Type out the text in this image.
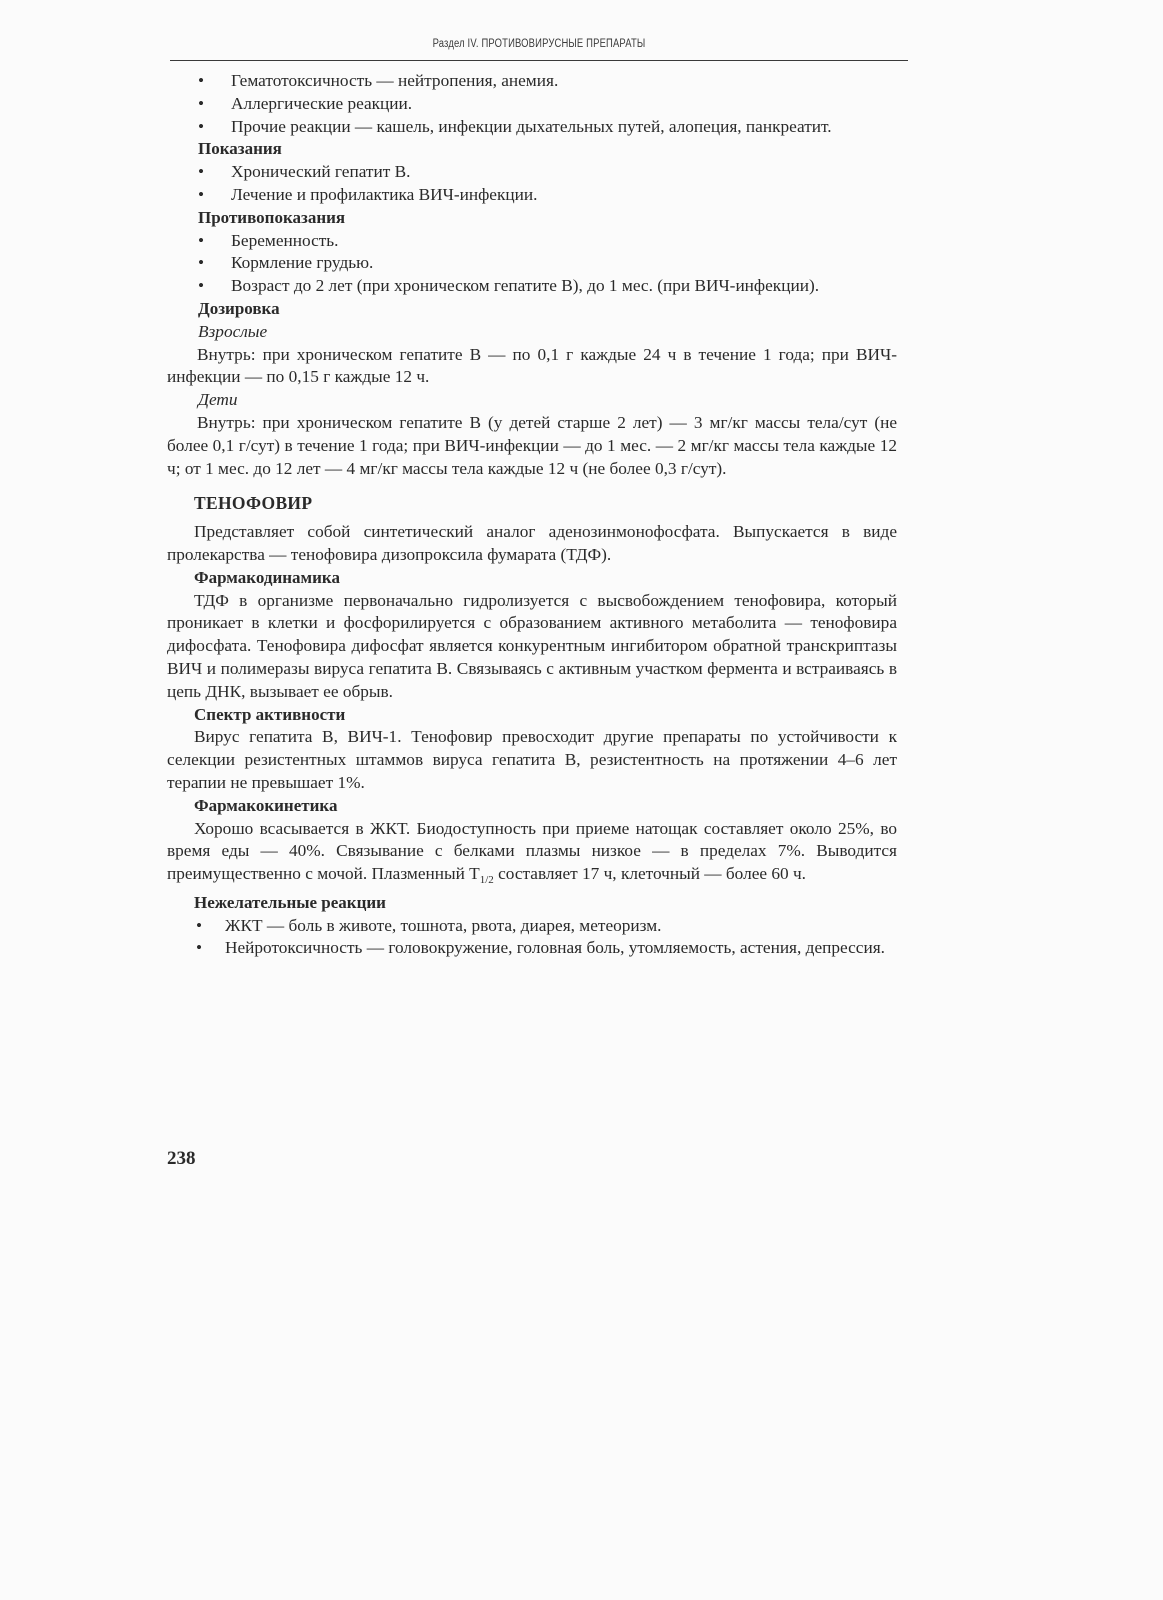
Раздел IV. ПРОТИВОВИРУСНЫЕ ПРЕПАРАТЫ
• Гематотоксичность — нейтропения, анемия.
• Аллергические реакции.
• Прочие реакции — кашель, инфекции дыхательных путей, алопеция, панкреатит.
Показания
• Хронический гепатит В.
• Лечение и профилактика ВИЧ-инфекции.
Противопоказания
• Беременность.
• Кормление грудью.
• Возраст до 2 лет (при хроническом гепатите В), до 1 мес. (при ВИЧ-инфекции).
Дозировка
Взрослые
Внутрь: при хроническом гепатите В — по 0,1 г каждые 24 ч в течение 1 года; при ВИЧ-инфекции — по 0,15 г каждые 12 ч.
Дети
Внутрь: при хроническом гепатите В (у детей старше 2 лет) — 3 мг/кг массы тела/сут (не более 0,1 г/сут) в течение 1 года; при ВИЧ-инфекции — до 1 мес. — 2 мг/кг массы тела каждые 12 ч; от 1 мес. до 12 лет — 4 мг/кг массы тела каждые 12 ч (не более 0,3 г/сут).
ТЕНОФОВИР
Представляет собой синтетический аналог аденозинмонофосфата. Выпускается в виде пролекарства — тенофовира дизопроксила фумарата (ТДФ).
Фармакодинамика
ТДФ в организме первоначально гидролизуется с высвобождением тенофовира, который проникает в клетки и фосфорилируется с образованием активного метаболита — тенофовира дифосфата. Тенофовира дифосфат является конкурентным ингибитором обратной транскриптазы ВИЧ и полимеразы вируса гепатита В. Связываясь с активным участком фермента и встраиваясь в цепь ДНК, вызывает ее обрыв.
Спектр активности
Вирус гепатита В, ВИЧ-1. Тенофовир превосходит другие препараты по устойчивости к селекции резистентных штаммов вируса гепатита В, резистентность на протяжении 4–6 лет терапии не превышает 1%.
Фармакокинетика
Хорошо всасывается в ЖКТ. Биодоступность при приеме натощак составляет около 25%, во время еды — 40%. Связывание с белками плазмы низкое — в пределах 7%. Выводится преимущественно с мочой. Плазменный $T_{1/2}$ составляет 17 ч, клеточный — более 60 ч.
Нежелательные реакции
• ЖКТ — боль в животе, тошнота, рвота, диарея, метеоризм.
• Нейротоксичность — головокружение, головная боль, утомляемость, астения, депрессия.
238
